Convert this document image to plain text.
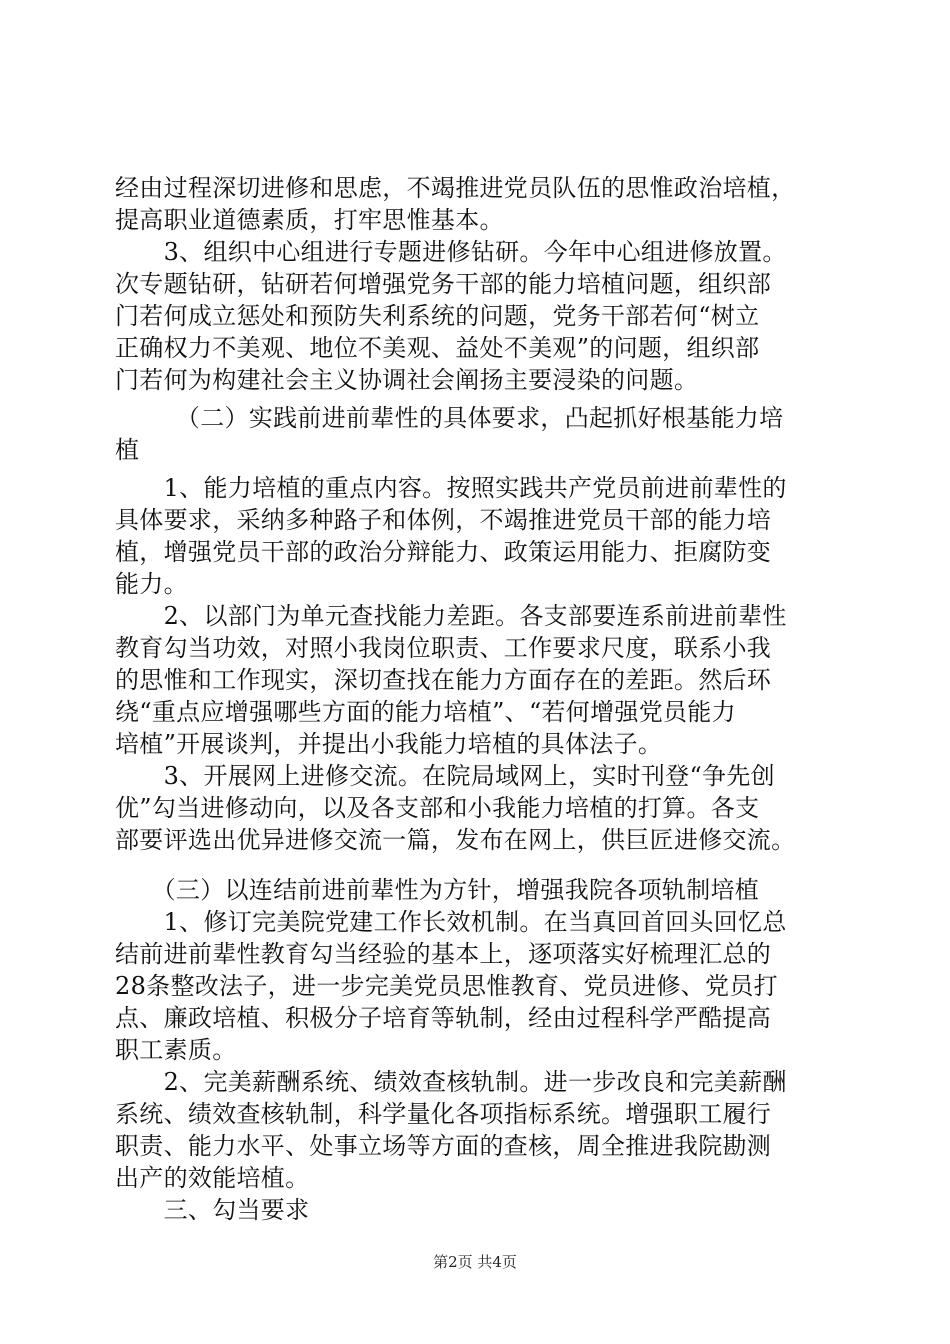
经由过程深切进修和思虑，不竭推进党员队伍的思惟政治培植，
提高职业道德素质，打牢思惟基本。
　　3、组织中心组进行专题进修钻研。今年中心组进修放置。
次专题钻研，钻研若何增强党务干部的能力培植问题，组织部
门若何成立惩处和预防失利系统的问题，党务干部若何“树立
正确权力不美观、地位不美观、益处不美观”的问题，组织部
门若何为构建社会主义协调社会阐扬主要浸染的问题。
　　　（二）实践前进前辈性的具体要求，凸起抓好根基能力培
植
　　1、能力培植的重点内容。按照实践共产党员前进前辈性的
具体要求，采纳多种路子和体例，不竭推进党员干部的能力培
植，增强党员干部的政治分辩能力、政策运用能力、拒腐防变
能力。
　　2、以部门为单元查找能力差距。各支部要连系前进前辈性
教育勾当功效，对照小我岗位职责、工作要求尺度，联系小我
的思惟和工作现实，深切查找在能力方面存在的差距。然后环
绕“重点应增强哪些方面的能力培植”、“若何增强党员能力
培植”开展谈判，并提出小我能力培植的具体法子。
　　3、开展网上进修交流。在院局域网上，实时刊登“争先创
优”勾当进修动向，以及各支部和小我能力培植的打算。各支
部要评选出优异进修交流一篇，发布在网上，供巨匠进修交流。
　　（三）以连结前进前辈性为方针，增强我院各项轨制培植
　　1、修订完美院党建工作长效机制。在当真回首回头回忆总
结前进前辈性教育勾当经验的基本上，逐项落实好梳理汇总的
28条整改法子，进一步完美党员思惟教育、党员进修、党员打
点、廉政培植、积极分子培育等轨制，经由过程科学严酷提高
职工素质。
　　2、完美薪酬系统、绩效查核轨制。进一步改良和完美薪酬
系统、绩效查核轨制，科学量化各项指标系统。增强职工履行
职责、能力水平、处事立场等方面的查核，周全推进我院勘测
出产的效能培植。
　　三、勾当要求
第2页 共4页
